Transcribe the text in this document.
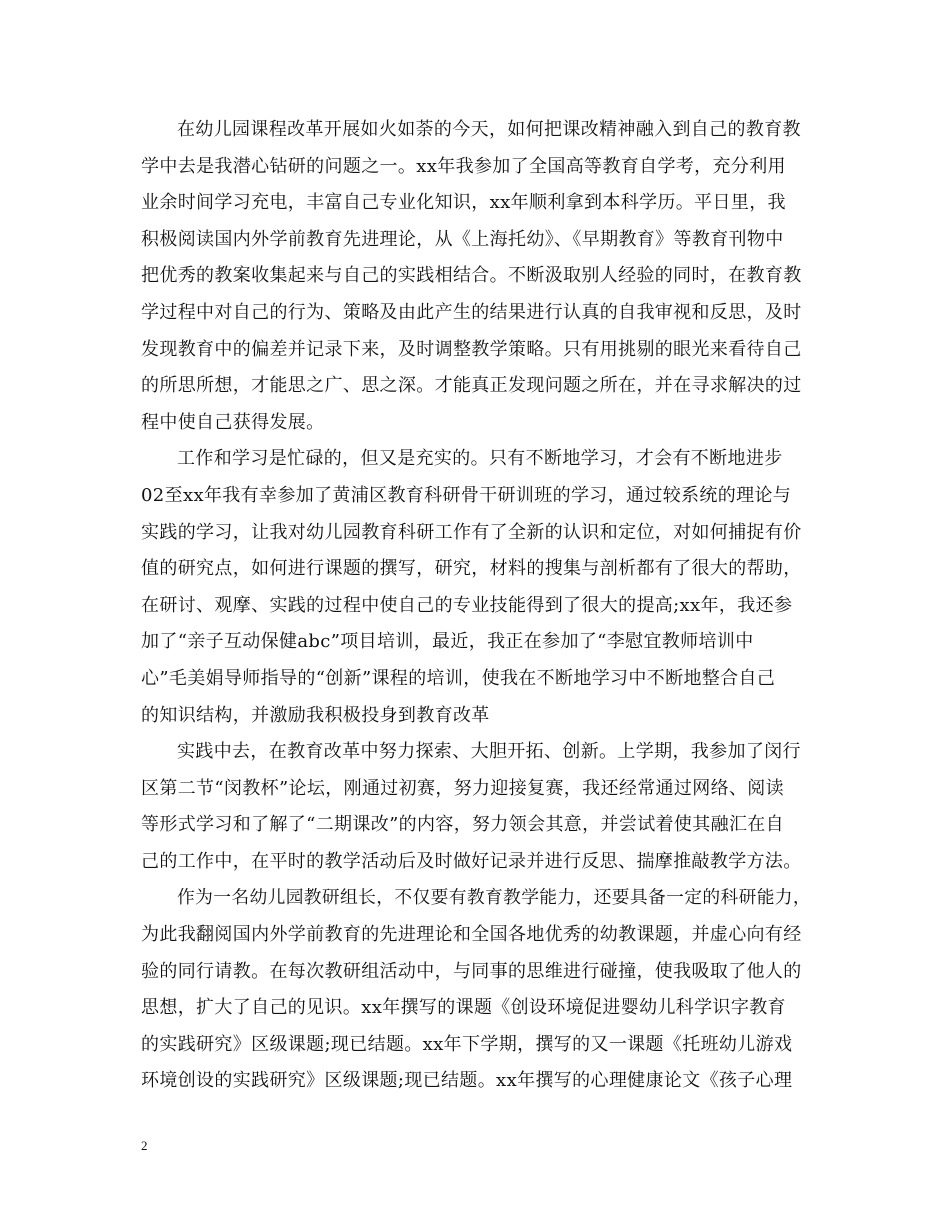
在幼儿园课程改革开展如火如荼的今天，如何把课改精神融入到自己的教育教
学中去是我潜心钻研的问题之一。xx年我参加了全国高等教育自学考，充分利用
业余时间学习充电，丰富自己专业化知识，xx年顺利拿到本科学历。平日里，我
积极阅读国内外学前教育先进理论，从《上海托幼》、《早期教育》等教育刊物中
把优秀的教案收集起来与自己的实践相结合。不断汲取别人经验的同时，在教育教
学过程中对自己的行为、策略及由此产生的结果进行认真的自我审视和反思，及时
发现教育中的偏差并记录下来，及时调整教学策略。只有用挑剔的眼光来看待自己
的所思所想，才能思之广、思之深。才能真正发现问题之所在，并在寻求解决的过
程中使自己获得发展。
工作和学习是忙碌的，但又是充实的。只有不断地学习，才会有不断地进步
02至xx年我有幸参加了黄浦区教育科研骨干研训班的学习，通过较系统的理论与
实践的学习，让我对幼儿园教育科研工作有了全新的认识和定位，对如何捕捉有价
值的研究点，如何进行课题的撰写，研究，材料的搜集与剖析都有了很大的帮助，
在研讨、观摩、实践的过程中使自己的专业技能得到了很大的提高;xx年，我还参
加了“亲子互动保健abc”项目培训，最近，我正在参加了“李慰宜教师培训中
心”毛美娟导师指导的“创新”课程的培训，使我在不断地学习中不断地整合自己
的知识结构，并激励我积极投身到教育改革
实践中去，在教育改革中努力探索、大胆开拓、创新。上学期，我参加了闵行
区第二节“闵教杯”论坛，刚通过初赛，努力迎接复赛，我还经常通过网络、阅读
等形式学习和了解了“二期课改”的内容，努力领会其意，并尝试着使其融汇在自
己的工作中，在平时的教学活动后及时做好记录并进行反思、揣摩推敲教学方法。
作为一名幼儿园教研组长，不仅要有教育教学能力，还要具备一定的科研能力，
为此我翻阅国内外学前教育的先进理论和全国各地优秀的幼教课题，并虚心向有经
验的同行请教。在每次教研组活动中，与同事的思维进行碰撞，使我吸取了他人的
思想，扩大了自己的见识。xx年撰写的课题《创设环境促进婴幼儿科学识字教育
的实践研究》区级课题;现已结题。xx年下学期，撰写的又一课题《托班幼儿游戏
环境创设的实践研究》区级课题;现已结题。xx年撰写的心理健康论文《孩子心理
2
